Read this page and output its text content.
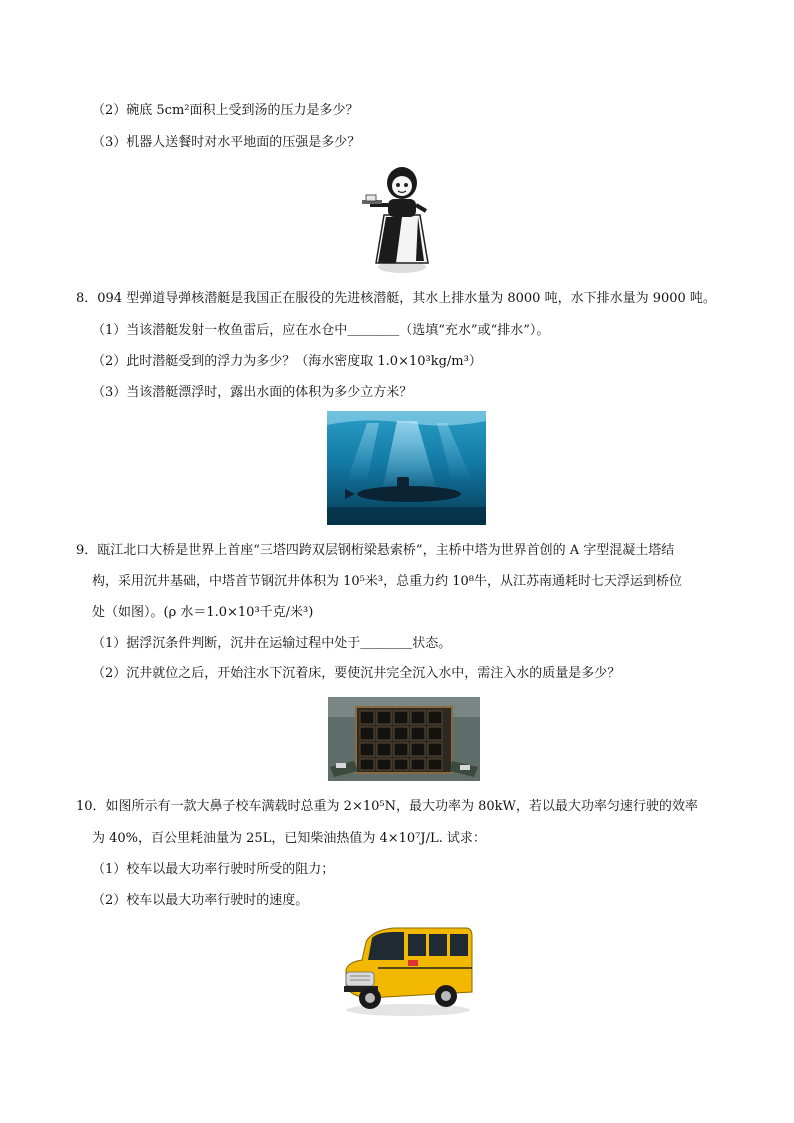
（2）碗底 5cm²面积上受到汤的压力是多少？
（3）机器人送餐时对水平地面的压强是多少？
8．094 型弹道导弹核潜艇是我国正在服役的先进核潜艇，其水上排水量为 8000 吨，水下排水量为 9000 吨。
（1）当该潜艇发射一枚鱼雷后，应在水仓中＿＿＿＿（选填“充水”或“排水”）。
（2）此时潜艇受到的浮力为多少？（海水密度取 1.0×10³kg/m³）
（3）当该潜艇漂浮时，露出水面的体积为多少立方米？
9．瓯江北口大桥是世界上首座“三塔四跨双层钢桁梁悬索桥”，主桥中塔为世界首创的 A 字型混凝土塔结
构，采用沉井基础，中塔首节钢沉井体积为 10⁵米³，总重力约 10⁸牛，从江苏南通耗时七天浮运到桥位
处（如图）。(ρ 水＝1.0×10³千克/米³)
（1）据浮沉条件判断，沉井在运输过程中处于＿＿＿＿状态。
（2）沉井就位之后，开始注水下沉着床，要使沉井完全沉入水中，需注入水的质量是多少？
10．如图所示有一款大鼻子校车满载时总重为 2×10⁵N，最大功率为 80kW，若以最大功率匀速行驶的效率
为 40%，百公里耗油量为 25L，已知柴油热值为 4×10⁷J/L. 试求：
（1）校车以最大功率行驶时所受的阻力；
（2）校车以最大功率行驶时的速度。
